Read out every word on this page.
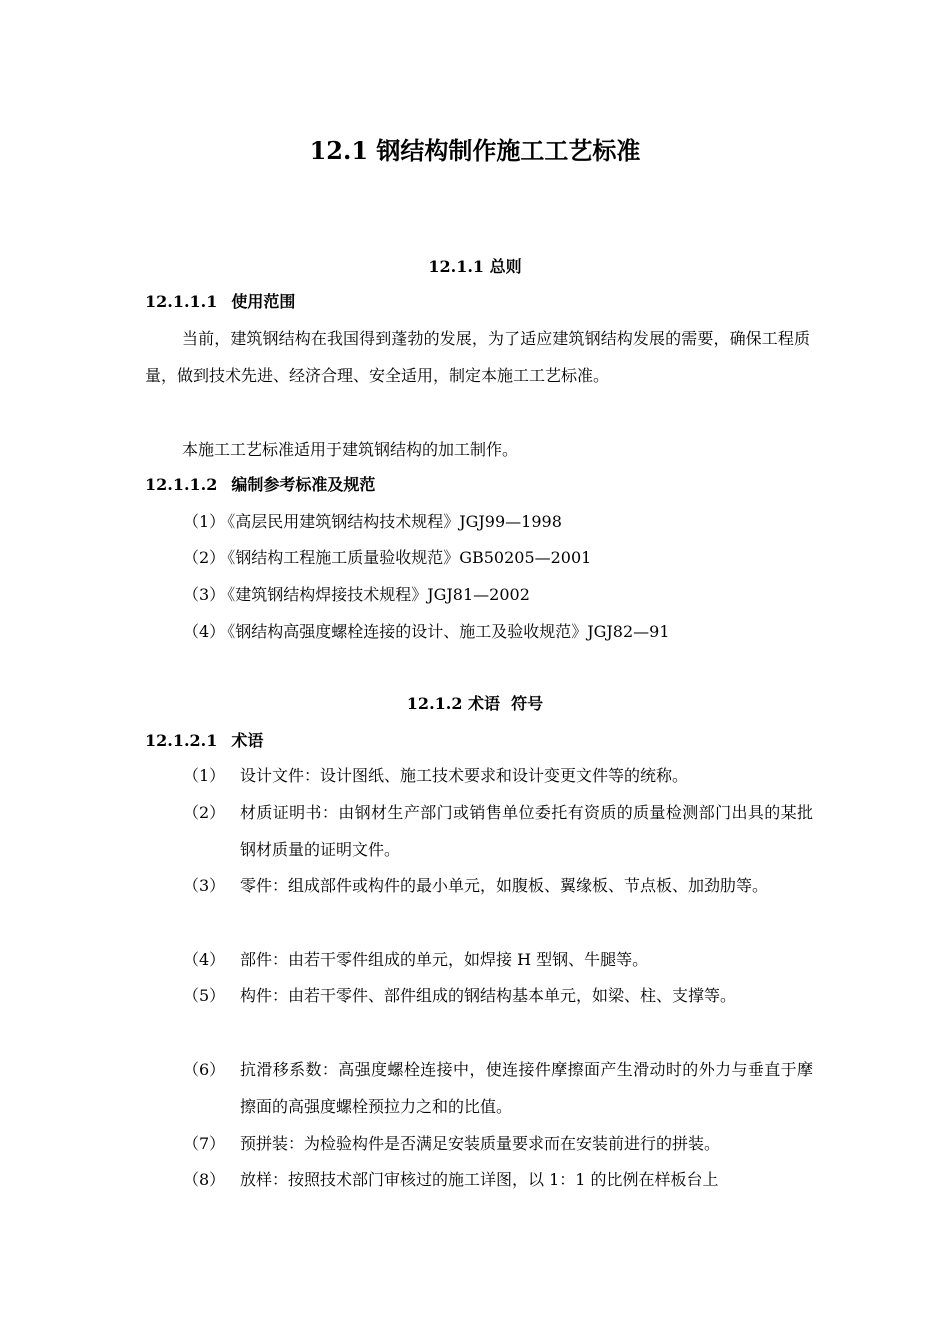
12.1 钢结构制作施工工艺标准
12.1.1 总则
12.1.1.1 使用范围

当前，建筑钢结构在我国得到蓬勃的发展，为了适应建筑钢结构发展的需要，确保工程质量，做到技术先进、经济合理、安全适用，制定本施工工艺标准。

本施工工艺标准适用于建筑钢结构的加工制作。

12.1.1.2 编制参考标准及规范
（1） 《高层民用建筑钢结构技术规程》JGJ99—1998
（2） 《钢结构工程施工质量验收规范》GB50205—2001
（3） 《建筑钢结构焊接技术规程》JGJ81—2002
（4） 《钢结构高强度螺栓连接的设计、施工及验收规范》JGJ82—91
12.1.2 术语  符号
12.1.2.1 术语
（1） 设计文件：设计图纸、施工技术要求和设计变更文件等的统称。
（2） 材质证明书：由钢材生产部门或销售单位委托有资质的质量检测部门出具的某批钢材质量的证明文件。
（3） 零件：组成部件或构件的最小单元，如腹板、翼缘板、节点板、加劲肋等。
（4） 部件：由若干零件组成的单元，如焊接 H 型钢、牛腿等。
（5） 构件：由若干零件、部件组成的钢结构基本单元，如梁、柱、支撑等。
（6） 抗滑移系数：高强度螺栓连接中，使连接件摩擦面产生滑动时的外力与垂直于摩擦面的高强度螺栓预拉力之和的比值。
（7） 预拼装：为检验构件是否满足安装质量要求而在安装前进行的拼装。
（8） 放样：按照技术部门审核过的施工详图，以 1：1 的比例在样板台上
